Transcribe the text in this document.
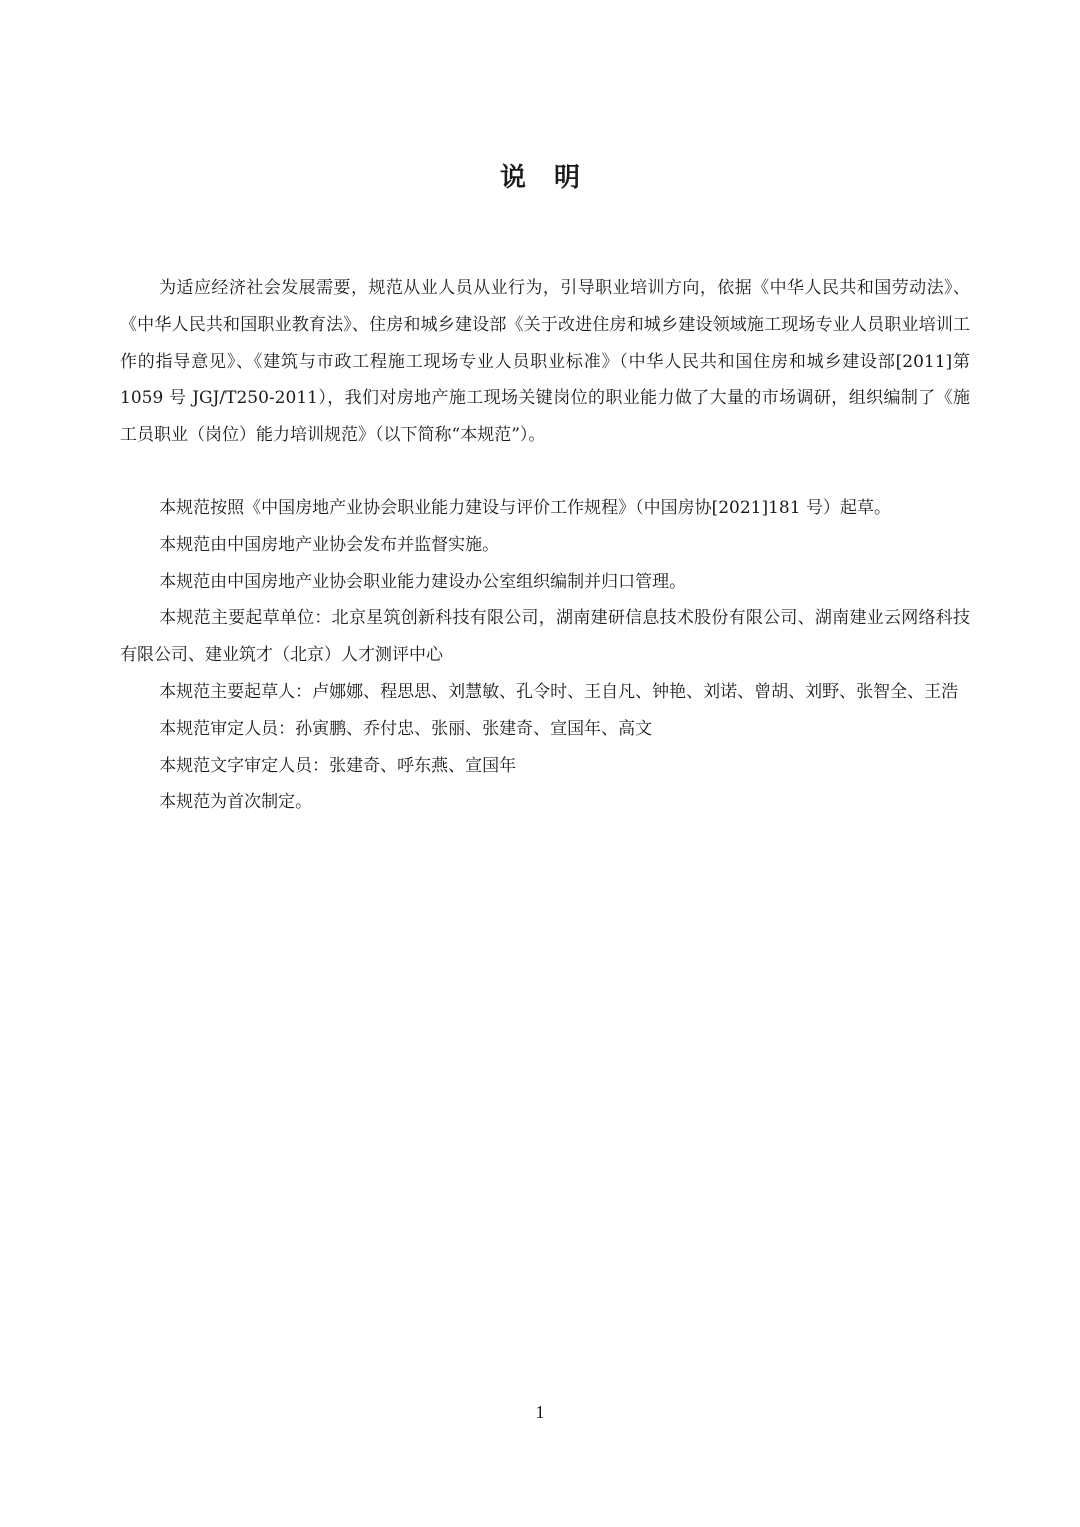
说明

为适应经济社会发展需要，规范从业人员从业行为，引导职业培训方向，依据《中华人民共和国劳动法》、《中华人民共和国职业教育法》、住房和城乡建设部《关于改进住房和城乡建设领域施工现场专业人员职业培训工作的指导意见》、《建筑与市政工程施工现场专业人员职业标准》（中华人民共和国住房和城乡建设部[2011]第 1059 号 JGJ/T250-2011），我们对房地产施工现场关键岗位的职业能力做了大量的市场调研，组织编制了《施工员职业（岗位）能力培训规范》（以下简称“本规范”）。

本规范按照《中国房地产业协会职业能力建设与评价工作规程》（中国房协[2021]181 号）起草。

本规范由中国房地产业协会发布并监督实施。

本规范由中国房地产业协会职业能力建设办公室组织编制并归口管理。

本规范主要起草单位：北京星筑创新科技有限公司，湖南建研信息技术股份有限公司、湖南建业云网络科技有限公司、建业筑才（北京）人才测评中心

本规范主要起草人：卢娜娜、程思思、刘慧敏、孔令时、王自凡、钟艳、刘诺、曾胡、刘野、张智全、王浩

本规范审定人员：孙寅鹏、乔付忠、张丽、张建奇、宣国年、高文

本规范文字审定人员：张建奇、呼东燕、宣国年

本规范为首次制定。

1
